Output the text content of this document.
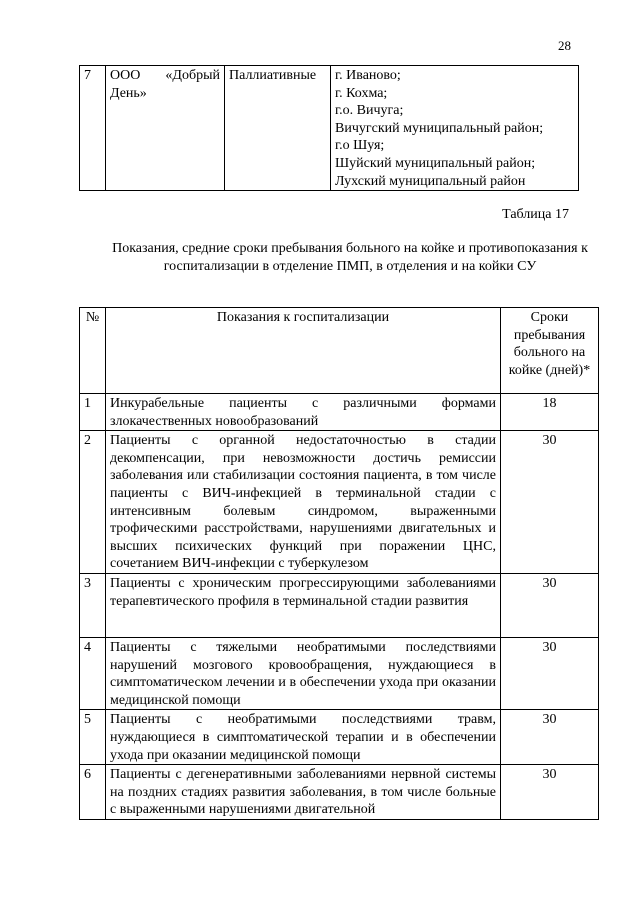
28
7	ООО «Добрый День»	Паллиативные	г. Иваново;
г. Кохма;
г.о. Вичуга;
Вичугский муниципальный район;
г.о Шуя;
Шуйский муниципальный район;
Лухский муниципальный район
Таблица 17
Показания, средние сроки пребывания больного на койке и противопоказания к госпитализации в отделение ПМП, в отделения и на койки СУ
№	Показания к госпитализации	Сроки пребывания больного на койке (дней)*
1	Инкурабельные пациенты с различными формами злокачественных новообразований	18
2	Пациенты с органной недостаточностью в стадии декомпенсации, при невозможности достичь ремиссии заболевания или стабилизации состояния пациента, в том числе пациенты с ВИЧ-инфекцией в терминальной стадии с интенсивным болевым синдромом, выраженными трофическими расстройствами, нарушениями двигательных и высших психических функций при поражении ЦНС, сочетанием ВИЧ-инфекции с туберкулезом	30
3	Пациенты с хроническим прогрессирующими заболеваниями терапевтического профиля в терминальной стадии развития	30
4	Пациенты с тяжелыми необратимыми последствиями нарушений мозгового кровообращения, нуждающиеся в симптоматическом лечении и в обеспечении ухода при оказании медицинской помощи	30
5	Пациенты с необратимыми последствиями травм, нуждающиеся в симптоматической терапии и в обеспечении ухода при оказании медицинской помощи	30
6	Пациенты с дегенеративными заболеваниями нервной системы на поздних стадиях развития заболевания, в том числе больные с выраженными нарушениями двигательной	30
